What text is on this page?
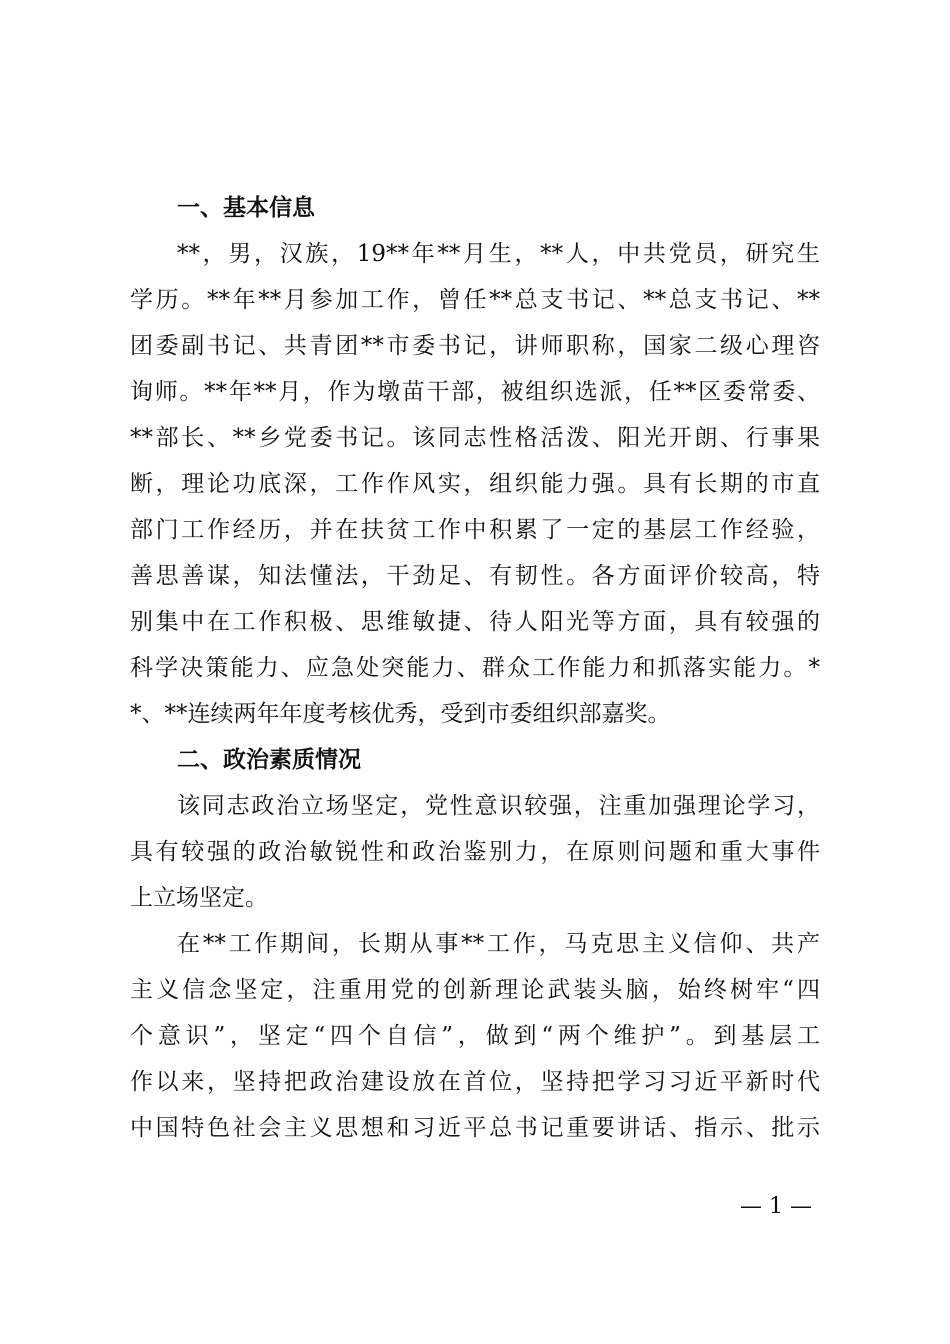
一、基本信息
**，男，汉族，19**年**月生，**人，中共党员，研究生
学历。**年**月参加工作，曾任**总支书记、**总支书记、**
团委副书记、共青团**市委书记，讲师职称，国家二级心理咨
询师。**年**月，作为墩苗干部，被组织选派，任**区委常委、
**部长、**乡党委书记。该同志性格活泼、阳光开朗、行事果
断，理论功底深，工作作风实，组织能力强。具有长期的市直
部门工作经历，并在扶贫工作中积累了一定的基层工作经验，
善思善谋，知法懂法，干劲足、有韧性。各方面评价较高，特
别集中在工作积极、思维敏捷、待人阳光等方面，具有较强的
科学决策能力、应急处突能力、群众工作能力和抓落实能力。*
*、**连续两年年度考核优秀，受到市委组织部嘉奖。
二、政治素质情况
该同志政治立场坚定，党性意识较强，注重加强理论学习，
具有较强的政治敏锐性和政治鉴别力，在原则问题和重大事件
上立场坚定。
在**工作期间，长期从事**工作，马克思主义信仰、共产
主义信念坚定，注重用党的创新理论武装头脑，始终树牢“四
个意识”，坚定“四个自信”，做到“两个维护”。到基层工
作以来，坚持把政治建设放在首位，坚持把学习习近平新时代
中国特色社会主义思想和习近平总书记重要讲话、指示、批示
— 1 —
